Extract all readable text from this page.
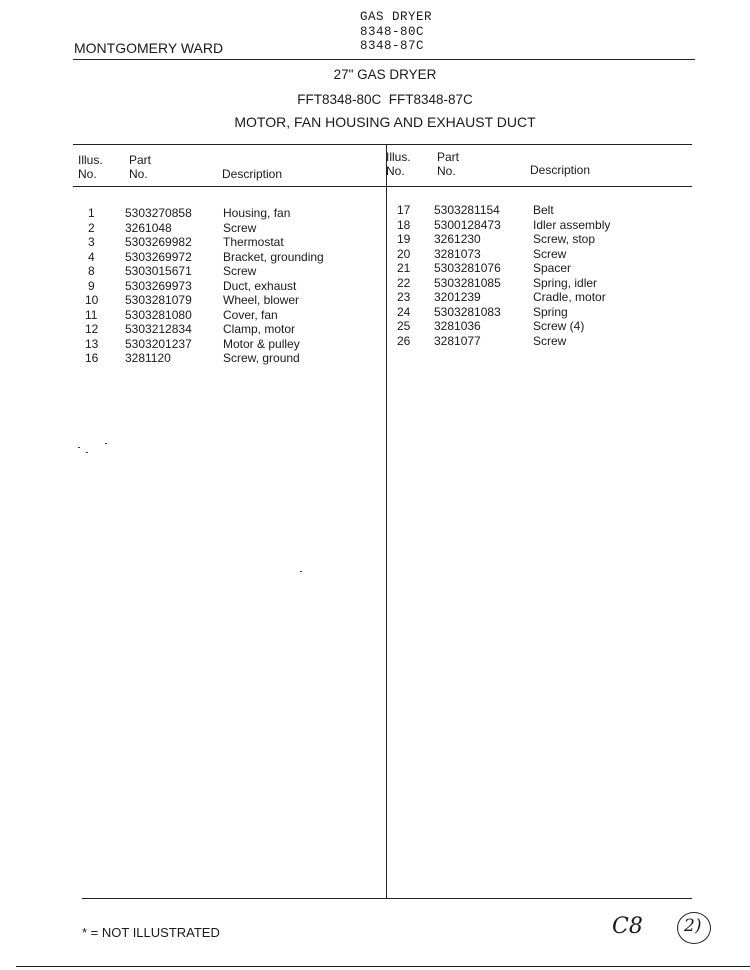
GAS DRYER
8348-80C
8348-87C
MONTGOMERY WARD
27" GAS DRYER
FFT8348-80C  FFT8348-87C
MOTOR, FAN HOUSING AND EXHAUST DUCT
Illus.
No.
Part
No.	Description
Illus.
No.
Part
No.	Description
1	5303270858	Housing, fan
2	3261048	Screw
3	5303269982	Thermostat
4	5303269972	Bracket, grounding
8	5303015671	Screw
9	5303269973	Duct, exhaust
10 5303281079	Wheel, blower
11 5303281080	Cover, fan
12 5303212834	Clamp, motor
13 5303201237	Motor & pulley
16 3281120	Screw, ground
17 5303281154	Belt
18 5300128473	Idler assembly
19 3261230	Screw, stop
20 3281073	Screw
21 5303281076	Spacer
22 5303281085	Spring, idler
23 3201239	Cradle, motor
24 5303281083	Spring
25 3281036	Screw (4)
26 3281077	Screw
* = NOT ILLUSTRATED	C8 2)
